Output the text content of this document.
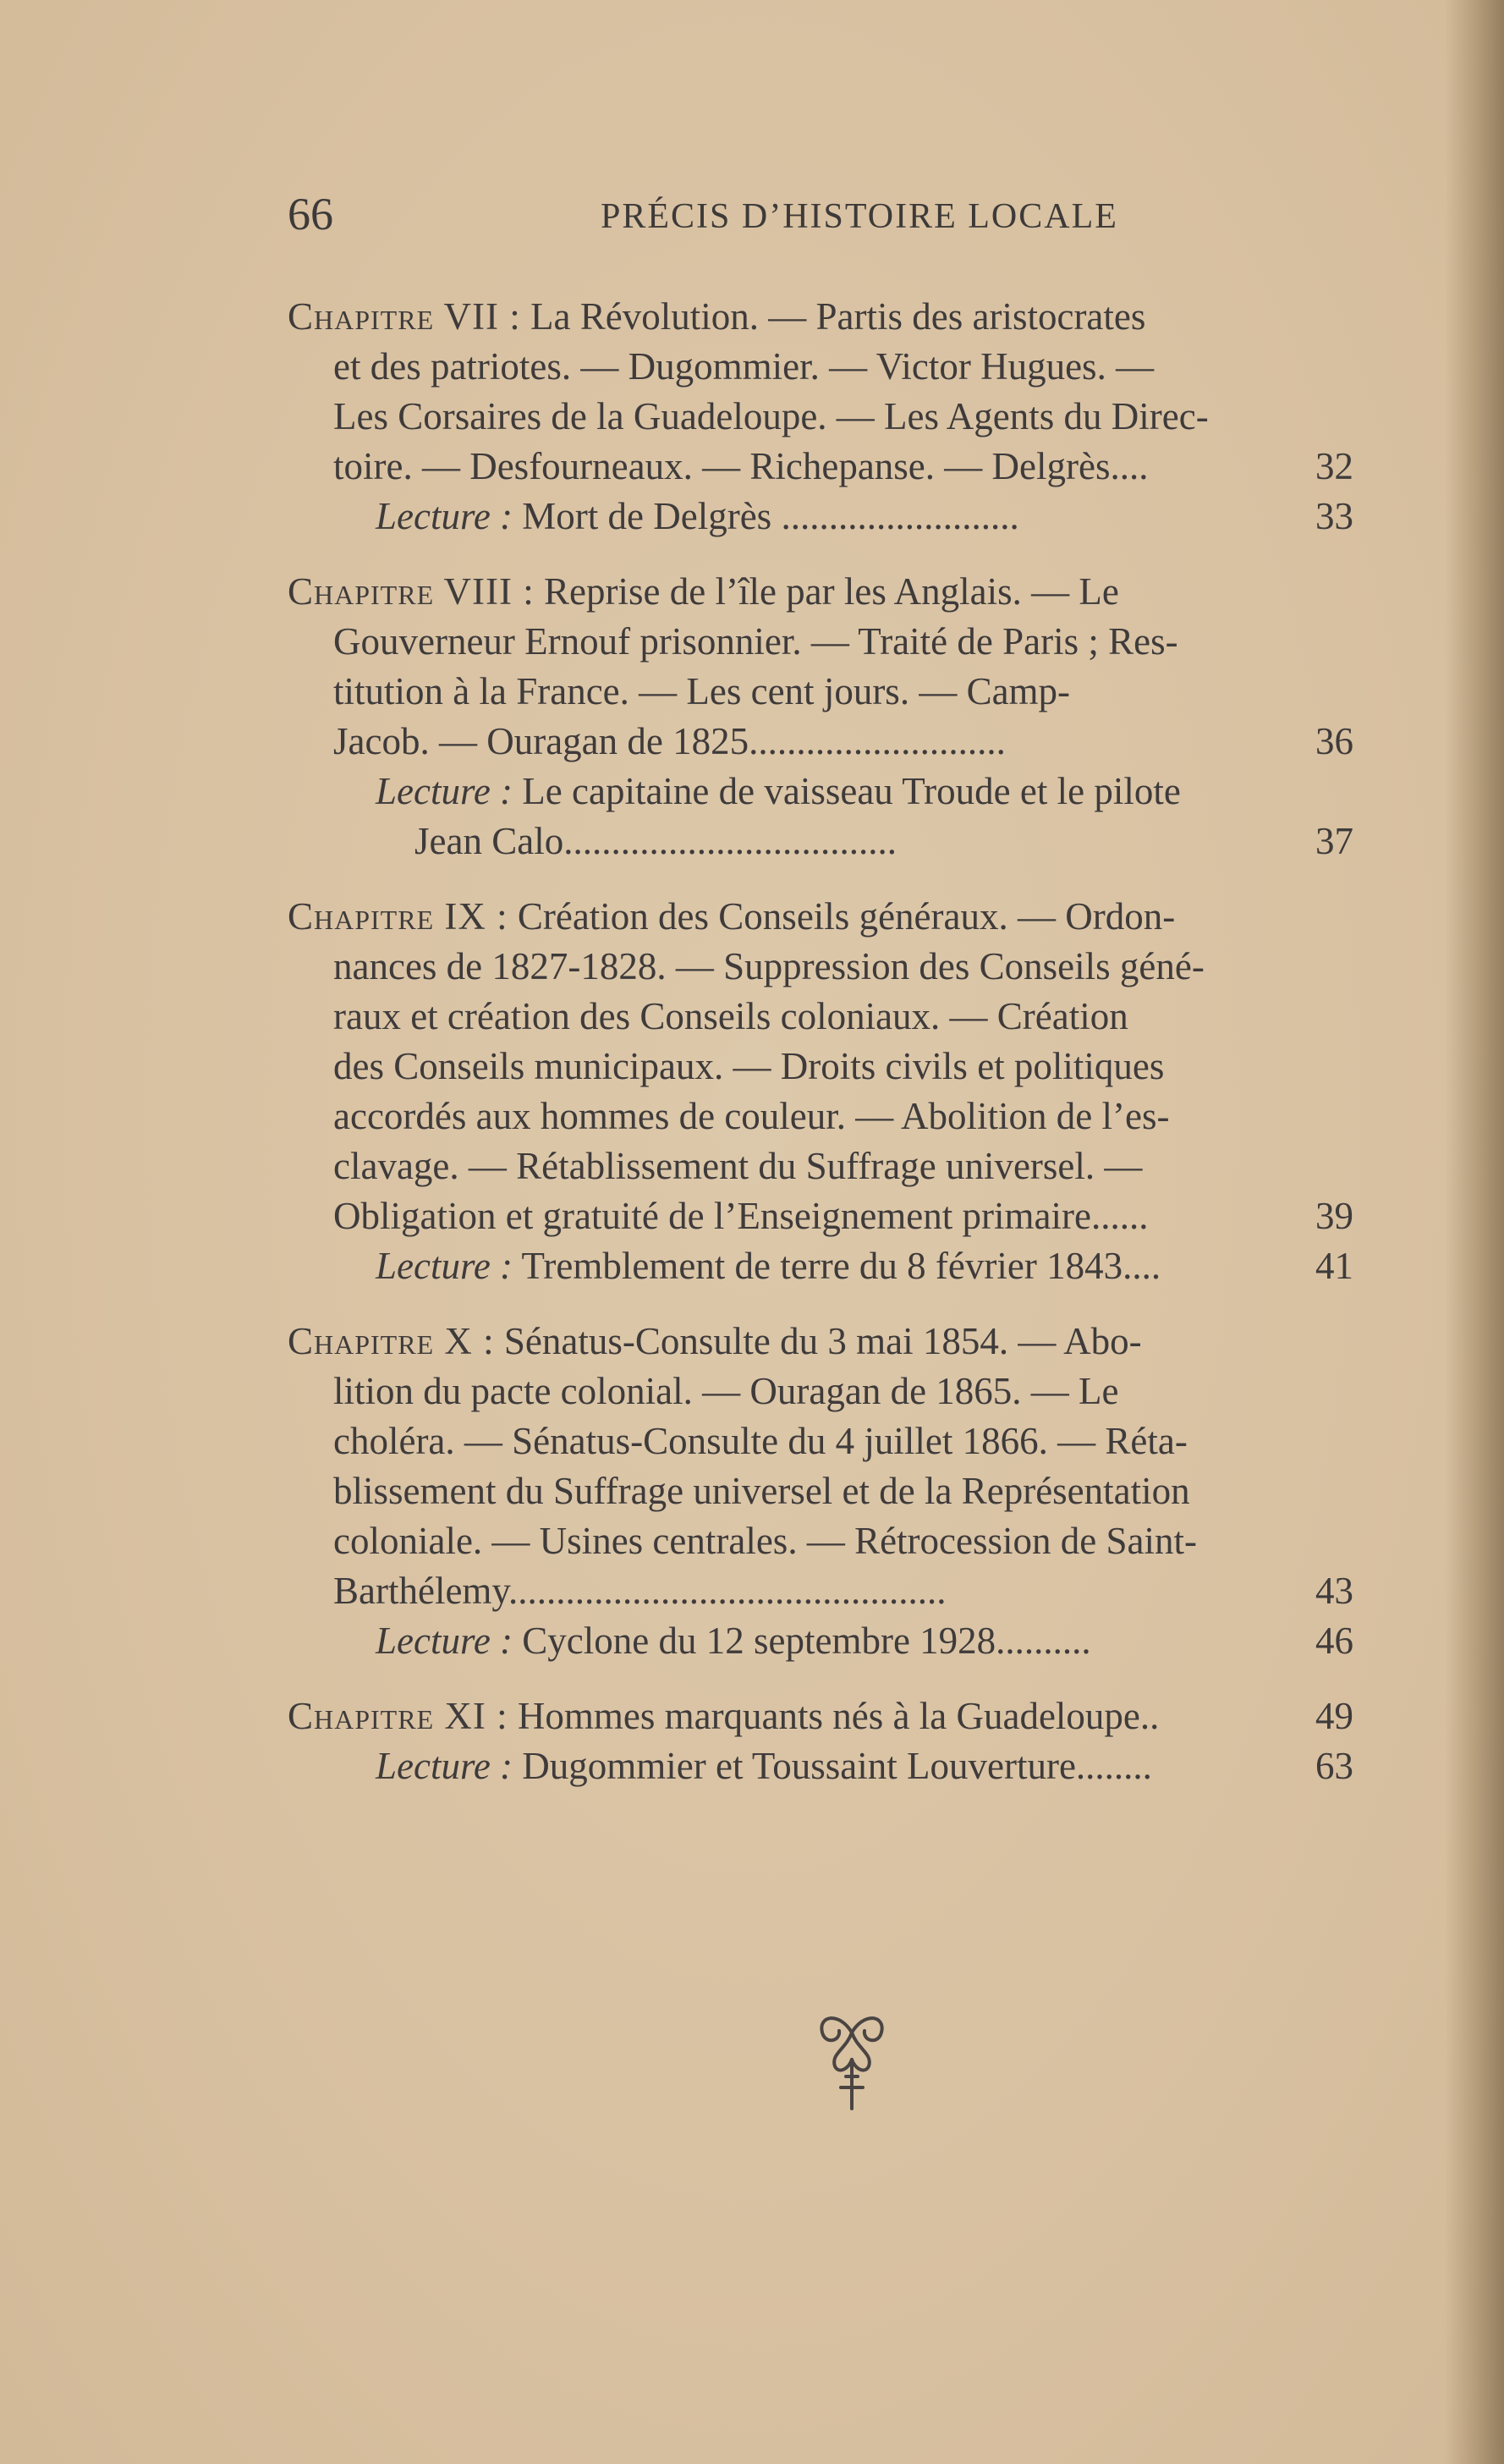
66	PRÉCIS D’HISTOIRE LOCALE
Chapitre VII : La Révolution. — Partis des aristocrates
et des patriotes. — Dugommier. — Victor Hugues. —
Les Corsaires de la Guadeloupe. — Les Agents du Direc-
toire. — Desfourneaux. — Richepanse. — Delgrès....	32
Lecture : Mort de Delgrès .........................	33
Chapitre VIII : Reprise de l’île par les Anglais. — Le
Gouverneur Ernouf prisonnier. — Traité de Paris ; Res-
titution à la France. — Les cent jours. — Camp-
Jacob. — Ouragan de 1825...........................	36
Lecture : Le capitaine de vaisseau Troude et le pilote
Jean Calo...................................	37
Chapitre IX : Création des Conseils généraux. — Ordon-
nances de 1827-1828. — Suppression des Conseils géné-
raux et création des Conseils coloniaux. — Création
des Conseils municipaux. — Droits civils et politiques
accordés aux hommes de couleur. — Abolition de l’es-
clavage. — Rétablissement du Suffrage universel. —
Obligation et gratuité de l’Enseignement primaire......	39
Lecture : Tremblement de terre du 8 février 1843....	41
Chapitre X : Sénatus-Consulte du 3 mai 1854. — Abo-
lition du pacte colonial. — Ouragan de 1865. — Le
choléra. — Sénatus-Consulte du 4 juillet 1866. — Réta-
blissement du Suffrage universel et de la Représentation
coloniale. — Usines centrales. — Rétrocession de Saint-
Barthélemy..............................................	43
Lecture : Cyclone du 12 septembre 1928..........	46
Chapitre XI : Hommes marquants nés à la Guadeloupe..	49
Lecture : Dugommier et Toussaint Louverture........	63
